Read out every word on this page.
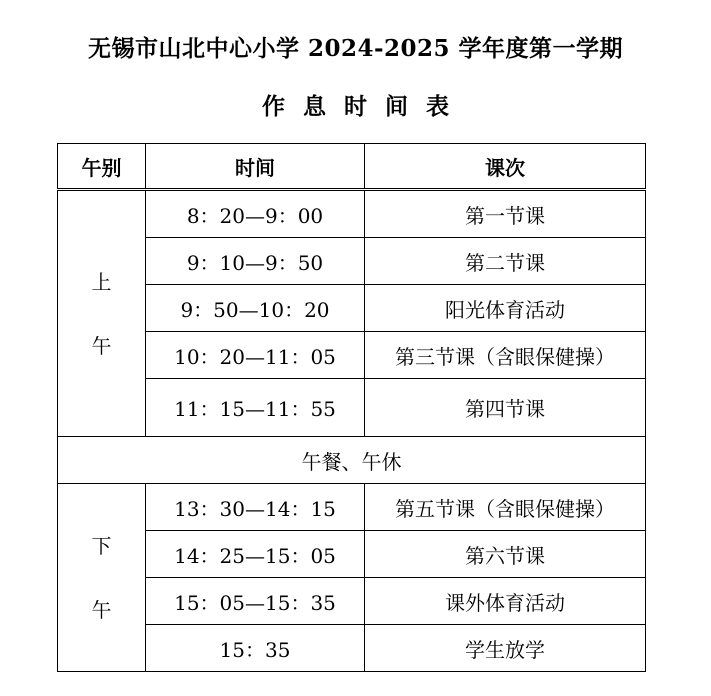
无锡市山北中心小学 2024-2025 学年度第一学期
作息时间表
午别	时间	课次

上
午	8：20—9：00	第一节课
	9：10—9：50	第二节课
	9：50—10：20	阳光体育活动
	10：20—11：05	第三节课（含眼保健操）
	11：15—11：55	第四节课
午餐、午休		

下
午	13：30—14：15	第五节课（含眼保健操）
	14：25—15：05	第六节课
	15：05—15：35	课外体育活动
	15：35	学生放学
